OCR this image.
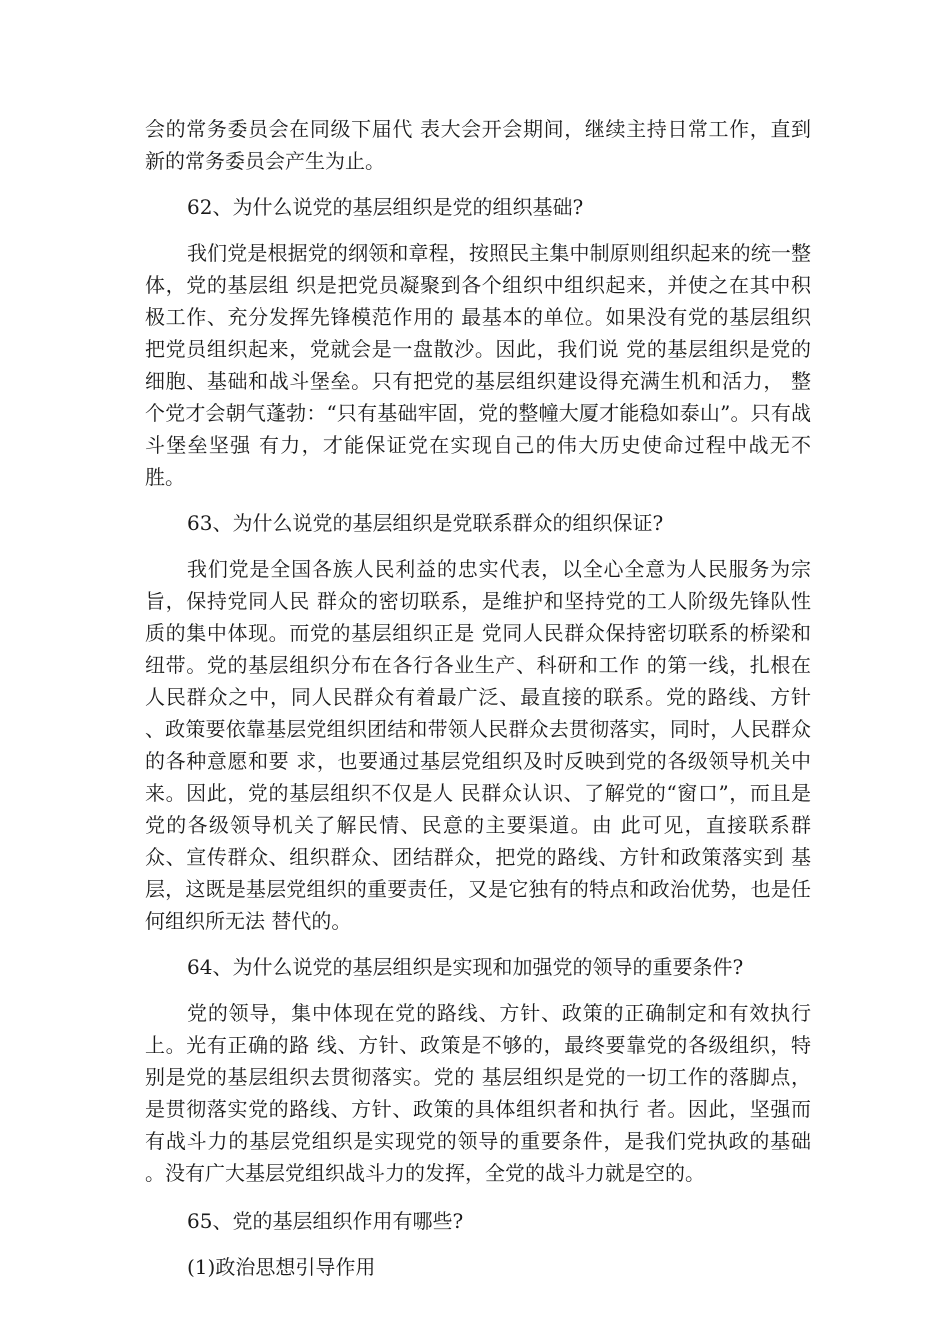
会的常务委员会在同级下届代 表大会开会期间，继续主持日常工作，直到新的常务委员会产生为止。

62、为什么说党的基层组织是党的组织基础?

我们党是根据党的纲领和章程，按照民主集中制原则组织起来的统一整体，党的基层组 织是把党员凝聚到各个组织中组织起来，并使之在其中积极工作、充分发挥先锋模范作用的 最基本的单位。如果没有党的基层组织把党员组织起来，党就会是一盘散沙。因此，我们说 党的基层组织是党的细胞、基础和战斗堡垒。只有把党的基层组织建设得充满生机和活力， 整个党才会朝气蓬勃：“只有基础牢固，党的整幢大厦才能稳如泰山”。只有战斗堡垒坚强 有力，才能保证党在实现自己的伟大历史使命过程中战无不胜。

63、为什么说党的基层组织是党联系群众的组织保证?

我们党是全国各族人民利益的忠实代表，以全心全意为人民服务为宗旨，保持党同人民 群众的密切联系，是维护和坚持党的工人阶级先锋队性质的集中体现。而党的基层组织正是 党同人民群众保持密切联系的桥梁和纽带。党的基层组织分布在各行各业生产、科研和工作 的第一线，扎根在人民群众之中，同人民群众有着最广泛、最直接的联系。党的路线、方针 、政策要依靠基层党组织团结和带领人民群众去贯彻落实，同时，人民群众的各种意愿和要 求，也要通过基层党组织及时反映到党的各级领导机关中来。因此，党的基层组织不仅是人 民群众认识、了解党的“窗口”，而且是党的各级领导机关了解民情、民意的主要渠道。由 此可见，直接联系群众、宣传群众、组织群众、团结群众，把党的路线、方针和政策落实到 基层，这既是基层党组织的重要责任，又是它独有的特点和政治优势，也是任何组织所无法 替代的。

64、为什么说党的基层组织是实现和加强党的领导的重要条件?

党的领导，集中体现在党的路线、方针、政策的正确制定和有效执行上。光有正确的路 线、方针、政策是不够的，最终要靠党的各级组织，特别是党的基层组织去贯彻落实。党的 基层组织是党的一切工作的落脚点，是贯彻落实党的路线、方针、政策的具体组织者和执行 者。因此，坚强而有战斗力的基层党组织是实现党的领导的重要条件，是我们党执政的基础 。没有广大基层党组织战斗力的发挥，全党的战斗力就是空的。

65、党的基层组织作用有哪些?

(1)政治思想引导作用
